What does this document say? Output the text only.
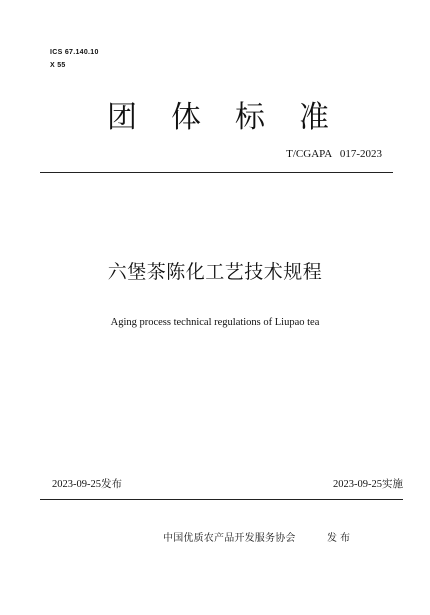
ICS 67.140.10
X 55
团体标准
T/CGAPA   017-2023
六堡茶陈化工艺技术规程
Aging process technical regulations of Liupao tea
2023-09-25发布	2023-09-25实施
中国优质农产品开发服务协会	发布
